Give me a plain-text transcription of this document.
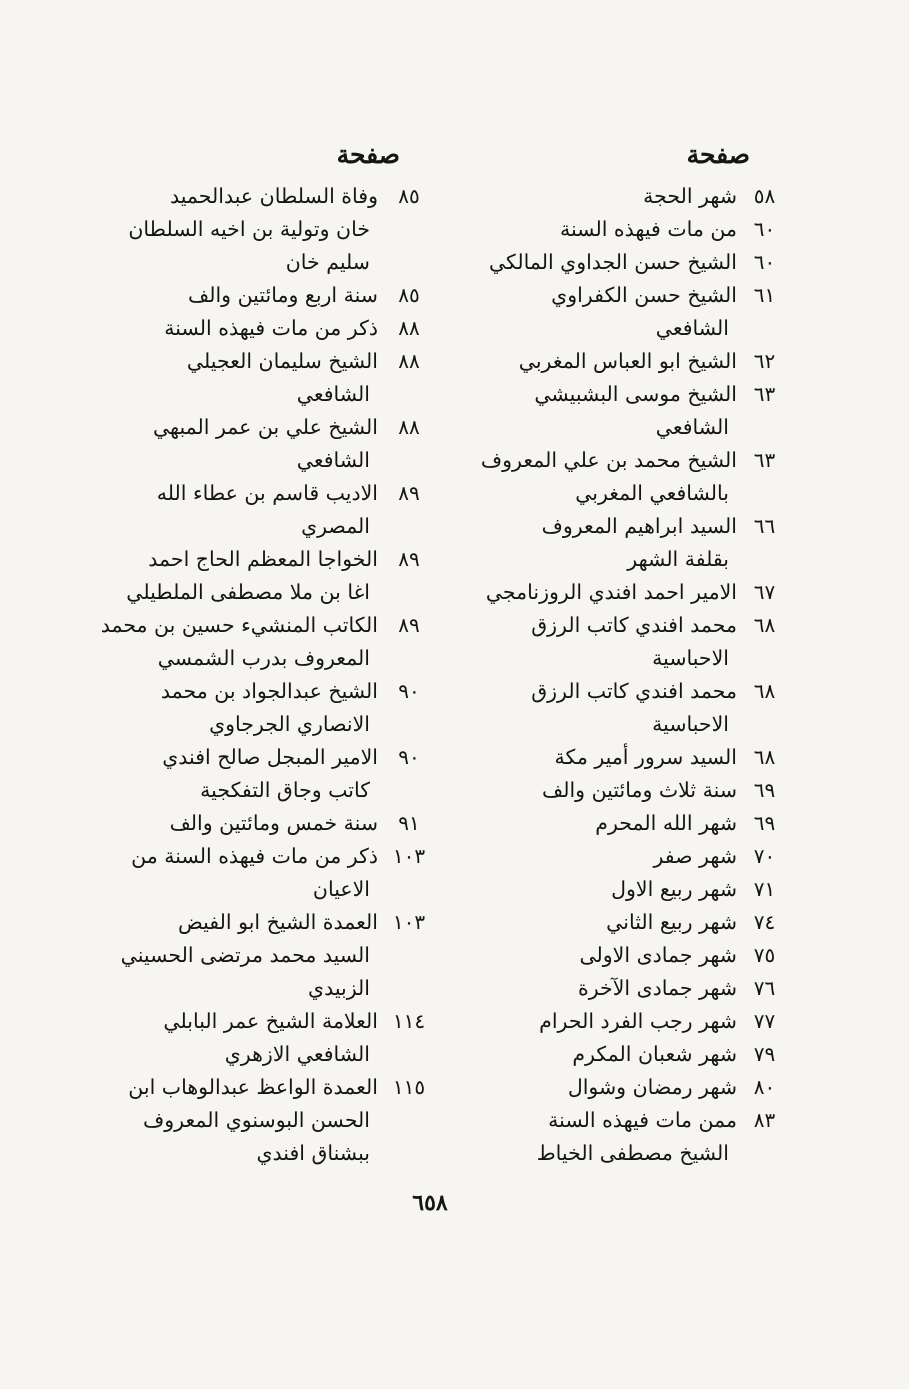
صفحة
٥٨
شهر الحجة
٦٠
من مات فيهذه السنة
٦٠
الشيخ حسن الجداوي المالكي
٦١
الشيخ حسن الكفراوي
الشافعي
٦٢
الشيخ ابو العباس المغربي
٦٣
الشيخ موسى البشبيشي
الشافعي
٦٣
الشيخ محمد بن علي المعروف
بالشافعي المغربي
٦٦
السيد ابراهيم المعروف
بقلفة الشهر
٦٧
الامير احمد افندي الروزنامجي
٦٨
محمد افندي كاتب الرزق
الاحباسية
٦٨
محمد افندي كاتب الرزق
الاحباسية
٦٨
السيد سرور أمير مكة
٦٩
سنة ثلاث ومائتين والف
٦٩
شهر الله المحرم
٧٠
شهر صفر
٧١
شهر ربيع الاول
٧٤
شهر ربيع الثاني
٧٥
شهر جمادى الاولى
٧٦
شهر جمادى الآخرة
٧٧
شهر رجب الفرد الحرام
٧٩
شهر شعبان المكرم
٨٠
شهر رمضان وشوال
٨٣
ممن مات فيهذه السنة
الشيخ مصطفى الخياط
صفحة
٨٥
وفاة السلطان عبدالحميد
خان وتولية بن اخيه السلطان
سليم خان
٨٥
سنة اربع ومائتين والف
٨٨
ذكر من مات فيهذه السنة
٨٨
الشيخ سليمان العجيلي
الشافعي
٨٨
الشيخ علي بن عمر المبهي
الشافعي
٨٩
الاديب قاسم بن عطاء الله
المصري
٨٩
الخواجا المعظم الحاج احمد
اغا بن ملا مصطفى الملطيلي
٨٩
الكاتب المنشيء حسين بن محمد
المعروف بدرب الشمسي
٩٠
الشيخ عبدالجواد بن محمد
الانصاري الجرجاوي
٩٠
الامير المبجل صالح افندي
كاتب وجاق التفكجية
٩١
سنة خمس ومائتين والف
١٠٣
ذكر من مات فيهذه السنة من
الاعيان
١٠٣
العمدة الشيخ ابو الفيض
السيد محمد مرتضى الحسيني
الزبيدي
١١٤
العلامة الشيخ عمر البابلي
الشافعي الازهري
١١٥
العمدة الواعظ عبدالوهاب ابن
الحسن البوسنوي المعروف
ببشناق افندي
٦٥٨
